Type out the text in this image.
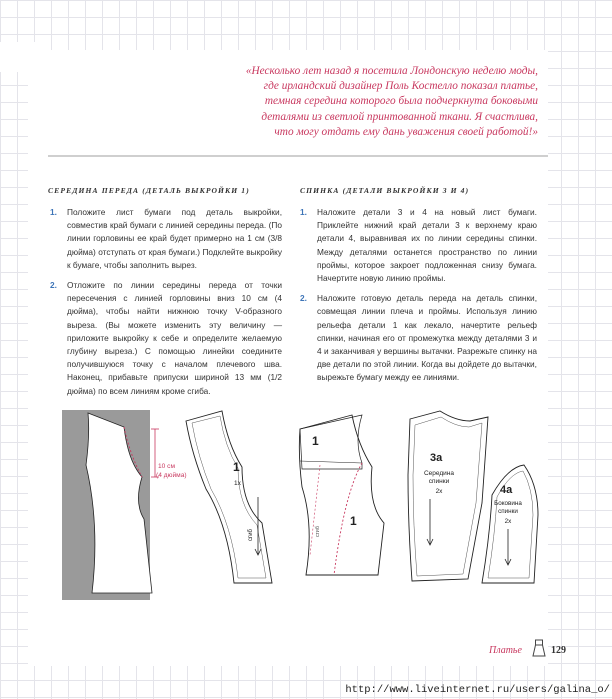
«Несколько лет назад я посетила Лондонскую неделю моды,
где ирландский дизайнер Поль Костелло показал платье,
темная середина которого была подчеркнута боковыми
деталями из светлой принтованной ткани. Я счастлива,
что могу отдать ему дань уважения своей работой!»
СЕРЕДИНА ПЕРЕДА (ДЕТАЛЬ ВЫКРОЙКИ 1)
1. Положите лист бумаги под деталь выкройки, совместив край бумаги с линией середины переда. (По линии горловины ее край будет примерно на 1 см (3/8 дюйма) отступать от края бумаги.) Подклейте выкройку к бумаге, чтобы заполнить вырез.
2. Отложите по линии середины переда от точки пересечения с линией горловины вниз 10 см (4 дюйма), чтобы найти нижнюю точку V-образного выреза. (Вы можете изменить эту величину — приложите выкройку к себе и определите желаемую глубину выреза.) С помощью линейки соедините получившуюся точку с началом плечевого шва. Наконец, прибавьте припуски шириной 13 мм (1/2 дюйма) по всем линиям кроме сгиба.
СПИНКА (ДЕТАЛИ ВЫКРОЙКИ 3 И 4)
1. Наложите детали 3 и 4 на новый лист бумаги. Приклейте нижний край детали 3 к верхнему краю детали 4, выравнивая их по линии середины спинки. Между деталями останется пространство по линии проймы, которое закроет подложенная снизу бумага. Начертите новую линию проймы.
2. Наложите готовую деталь переда на деталь спинки, совмещая линии плеча и проймы. Используя линию рельефа детали 1 как лекало, начертите рельеф спинки, начиная его от промежутка между деталями 3 и 4 и заканчивая у вершины вытачки. Разрежьте спинку на две детали по этой линии. Когда вы дойдете до вытачки, вырежьте бумагу между ее линиями.
10 см
(4 дюйма)
1
1x
сгиб
1
1
сгиб
3a
Середина
спинки
2x	4a
Боковина
спинки
2x

Платье	129

http://www.liveinternet.ru/users/galina_o/
